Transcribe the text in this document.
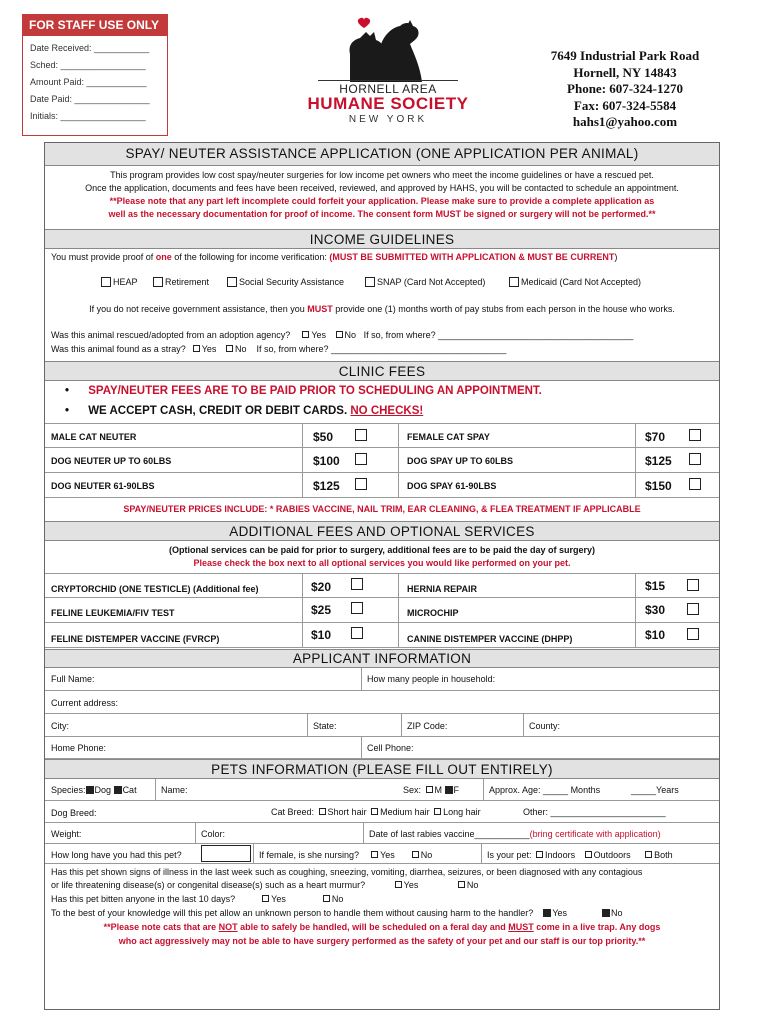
FOR STAFF USE ONLY
Date Received: ___________
Sched: _________________
Amount Paid: ____________
Date Paid: _______________
Initials: _________________
HORNELL AREA
HUMANE SOCIETY
NEW YORK
7649 Industrial Park Road
Hornell, NY 14843
Phone: 607-324-1270
Fax: 607-324-5584
hahs1@yahoo.com
SPAY/ NEUTER ASSISTANCE APPLICATION (ONE APPLICATION PER ANIMAL)
This program provides low cost spay/neuter surgeries for low income pet owners who meet the income guidelines or have a rescued pet.
Once the application, documents and fees have been received, reviewed, and approved by HAHS, you will be contacted to schedule an appointment.
**Please note that any part left incomplete could forfeit your application. Please make sure to provide a complete application as
well as the necessary documentation for proof of income. The consent form MUST be signed or surgery will not be performed.**
INCOME GUIDELINES
You must provide proof of one of the following for income verification: (MUST BE SUBMITTED WITH APPLICATION & MUST BE CURRENT)
HEAP	Retirement	Social Security Assistance	SNAP (Card Not Accepted)	Medicaid (Card Not Accepted)
If you do not receive government assistance, then you MUST provide one (1) months worth of pay stubs from each person in the house who works.
Was this animal rescued/adopted from an adoption agency? Yes No If so, from where? _______________________________________
Was this animal found as a stray? Yes No If so, from where? ___________________________________
CLINIC FEES
• SPAY/NEUTER FEES ARE TO BE PAID PRIOR TO SCHEDULING AN APPOINTMENT.
•      WE ACCEPT CASH, CREDIT OR DEBIT CARDS. NO CHECKS!
MALE CAT NEUTER	$50	FEMALE CAT SPAY	$70
DOG NEUTER UP TO 60LBS	$100	DOG SPAY UP TO 60LBS	$125
DOG NEUTER 61-90LBS	$125	DOG SPAY 61-90LBS	$150
SPAY/NEUTER PRICES INCLUDE: * RABIES VACCINE, NAIL TRIM, EAR CLEANING, & FLEA TREATMENT IF APPLICABLE
ADDITIONAL FEES AND OPTIONAL SERVICES
(Optional services can be paid for prior to surgery, additional fees are to be paid the day of surgery)
Please check the box next to all optional services you would like performed on your pet.
CRYPTORCHID (ONE TESTICLE) (Additional fee)	$20	HERNIA REPAIR	$15
FELINE LEUKEMIA/FIV TEST	$25	MICROCHIP	$30
FELINE DISTEMPER VACCINE (FVRCP)	$10	CANINE DISTEMPER VACCINE (DHPP)	$10
APPLICANT INFORMATION
Full Name:	How many people in household:
Current address:
City:	State:	ZIP Code:	County:
Home Phone:	Cell Phone:
PETS INFORMATION (PLEASE FILL OUT ENTIRELY)
Species: Dog Cat	Name:	Sex: M F	Approx. Age: _____ Months	_____Years
Dog Breed:	Cat Breed: Short hair Medium hair Long hair	Other: _______________________
Weight:	Color:	Date of last rabies vaccine___________(bring certificate with application)
How long have you had this pet?	If female, is she nursing? Yes	No	Is your pet: Indoors Outdoors	Both
Has this pet shown signs of illness in the last week such as coughing, sneezing, vomiting, diarrhea, seizures, or been diagnosed with any contagious
or life threatening disease(s) or congenital disease(s) such as a heart murmur?	Yes	No
Has this pet bitten anyone in the last 10 days?	Yes	No
To the best of your knowledge will this pet allow an unknown person to handle them without causing harm to the handler? Yes	No
**Please note cats that are NOT able to safely be handled, will be scheduled on a feral day and MUST come in a live trap. Any dogs
who act aggressively may not be able to have surgery performed as the safety of your pet and our staff is our top priority.**
